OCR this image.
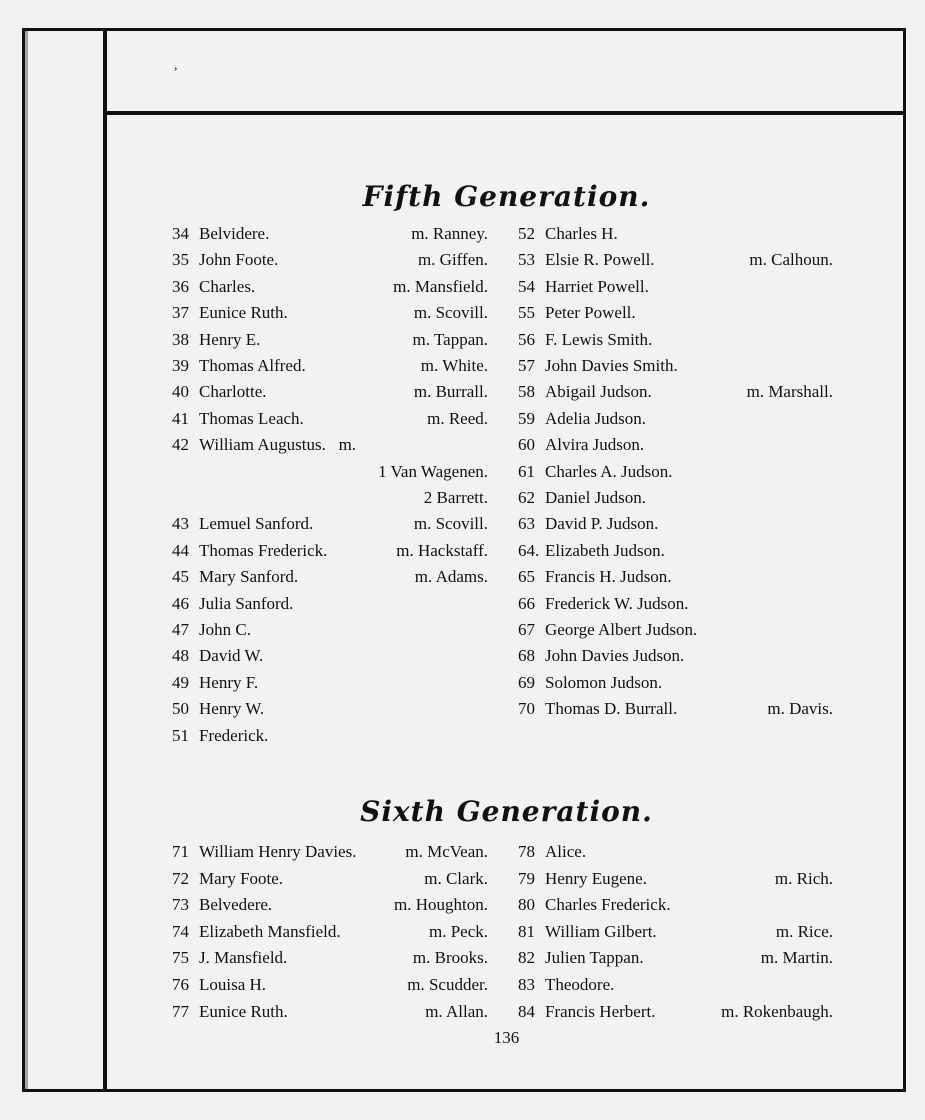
,
Fifth Generation.
Sixth Generation.
34 Belvidere.	m. Ranney.
35 John Foote.	m. Giffen.
36 Charles.	m. Mansfield.
37 Eunice Ruth.	m. Scovill.
38 Henry E.	m. Tappan.
39 Thomas Alfred.	m. White.
40 Charlotte.	m. Burrall.
41 Thomas Leach.	m. Reed.
42 William Augustus.   m.
1 Van Wagenen.
2 Barrett.
43 Lemuel Sanford.	m. Scovill.
44 Thomas Frederick.	m. Hackstaff.
45 Mary Sanford.	m. Adams.
46 Julia Sanford.
47 John C.
48 David W.
49 Henry F.
50 Henry W.
51 Frederick.
52 Charles H.
53 Elsie R. Powell.	m. Calhoun.
54 Harriet Powell.
55 Peter Powell.
56 F. Lewis Smith.
57 John Davies Smith.
58 Abigail Judson.	m. Marshall.
59 Adelia Judson.
60 Alvira Judson.
61 Charles A. Judson.
62 Daniel Judson.
63 David P. Judson.
64. Elizabeth Judson.
65 Francis H. Judson.
66 Frederick W. Judson.
67 George Albert Judson.
68 John Davies Judson.
69 Solomon Judson.
70 Thomas D. Burrall.	m. Davis.
71 William Henry Davies.	m. McVean.
72 Mary Foote.	m. Clark.
73 Belvedere.	m. Houghton.
74 Elizabeth Mansfield.	m. Peck.
75 J. Mansfield.	m. Brooks.
76 Louisa H.	m. Scudder.
77 Eunice Ruth.	m. Allan.
78 Alice.
79 Henry Eugene.	m. Rich.
80 Charles Frederick.
81 William Gilbert.	m. Rice.
82 Julien Tappan.	m. Martin.
83 Theodore.
84 Francis Herbert.	m. Rokenbaugh.
136
